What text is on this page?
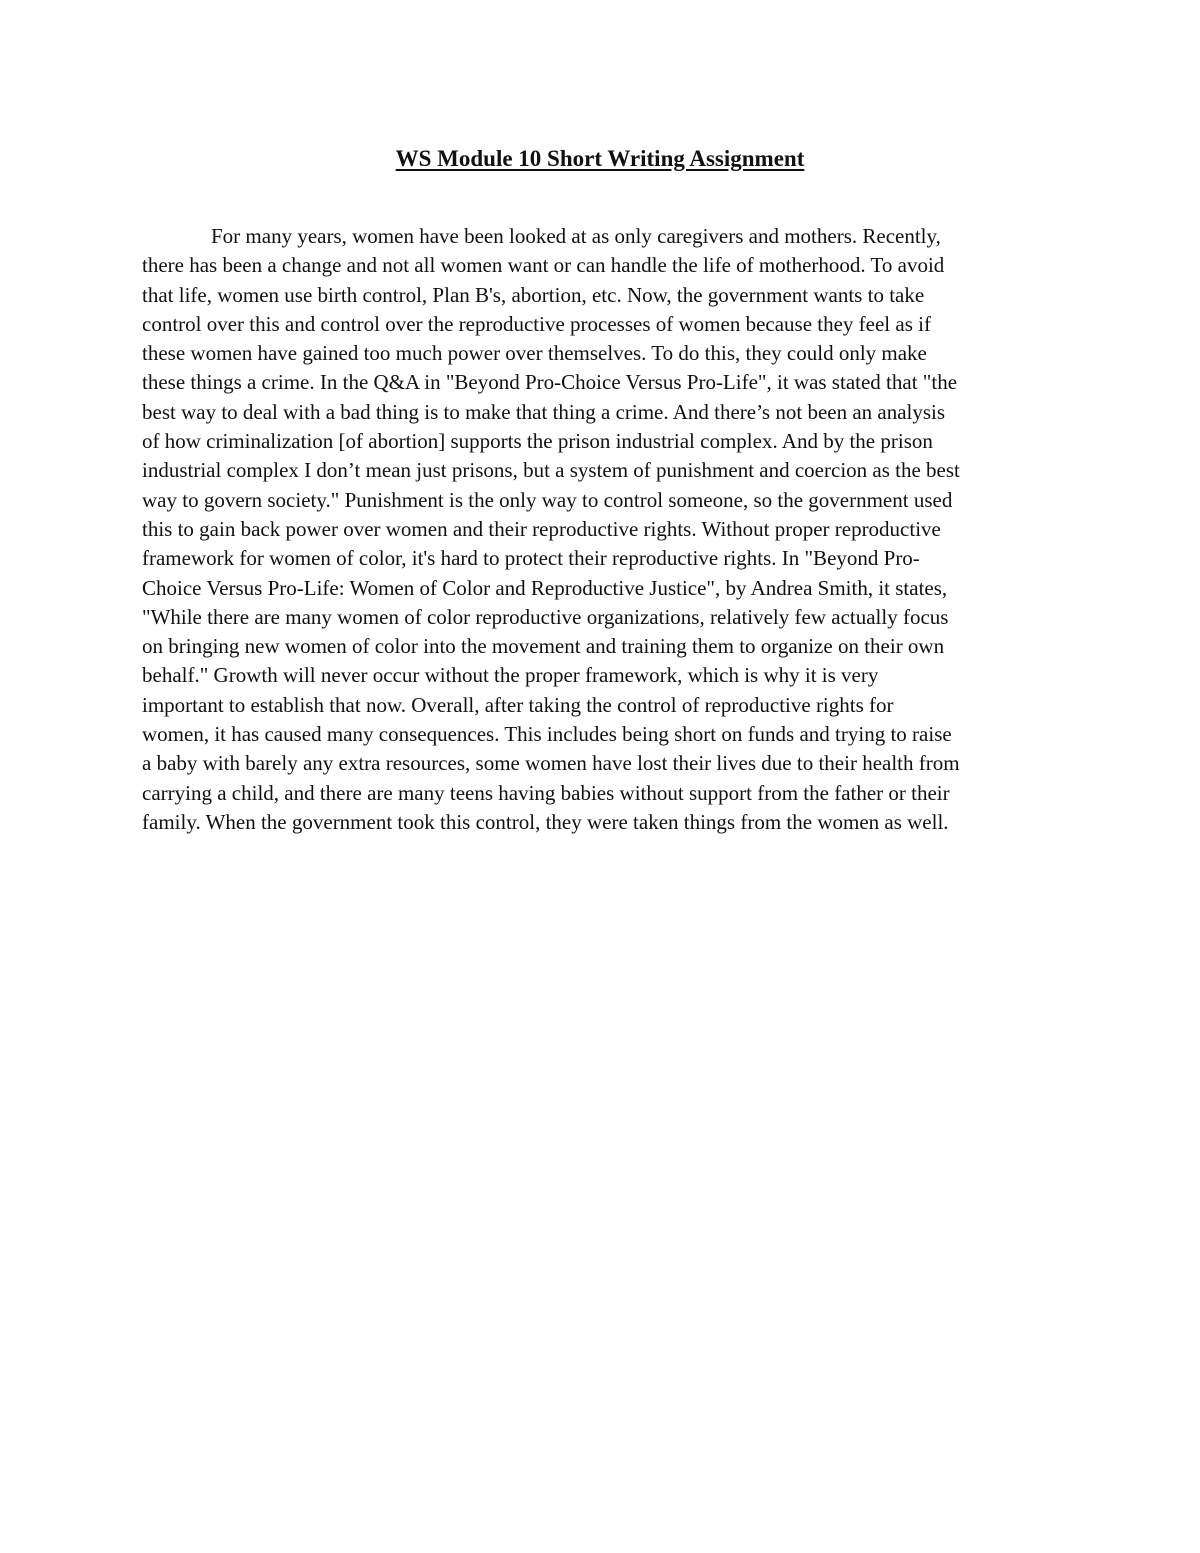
WS Module 10 Short Writing Assignment

For many years, women have been looked at as only caregivers and mothers. Recently,
there has been a change and not all women want or can handle the life of motherhood. To avoid
that life, women use birth control, Plan B's, abortion, etc. Now, the government wants to take
control over this and control over the reproductive processes of women because they feel as if
these women have gained too much power over themselves. To do this, they could only make
these things a crime. In the Q&A in "Beyond Pro-Choice Versus Pro-Life", it was stated that "the
best way to deal with a bad thing is to make that thing a crime. And there’s not been an analysis
of how criminalization [of abortion] supports the prison industrial complex. And by the prison
industrial complex I don’t mean just prisons, but a system of punishment and coercion as the best
way to govern society." Punishment is the only way to control someone, so the government used
this to gain back power over women and their reproductive rights. Without proper reproductive
framework for women of color, it's hard to protect their reproductive rights. In "Beyond Pro-
Choice Versus Pro-Life: Women of Color and Reproductive Justice", by Andrea Smith, it states,
"While there are many women of color reproductive organizations, relatively few actually focus
on bringing new women of color into the movement and training them to organize on their own
behalf." Growth will never occur without the proper framework, which is why it is very
important to establish that now. Overall, after taking the control of reproductive rights for
women, it has caused many consequences. This includes being short on funds and trying to raise
a baby with barely any extra resources, some women have lost their lives due to their health from
carrying a child, and there are many teens having babies without support from the father or their
family. When the government took this control, they were taken things from the women as well.
